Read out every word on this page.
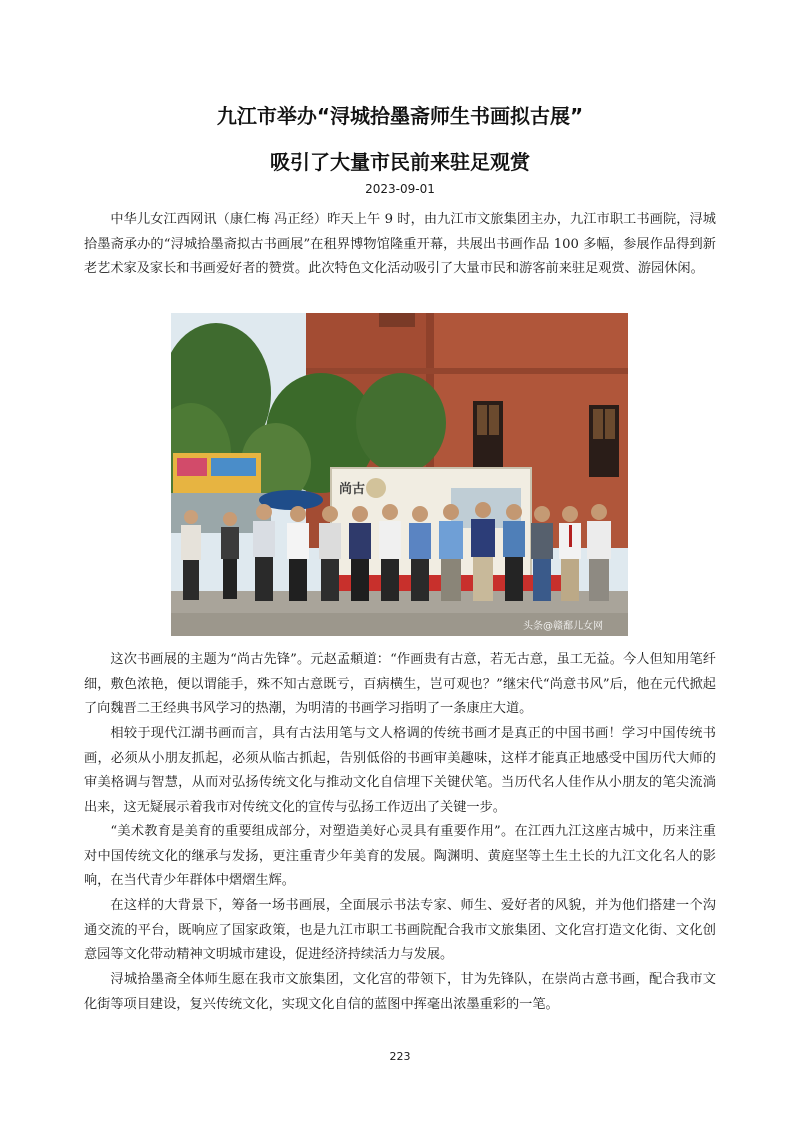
九江市举办“浔城拾墨斋师生书画拟古展”
吸引了大量市民前来驻足观赏
2023-09-01

中华儿女江西网讯（康仁梅 冯正经）昨天上午 9 时，由九江市文旅集团主办，九江市职工书画院，浔城拾墨斋承办的“浔城拾墨斋拟古书画展”在租界博物馆隆重开幕，共展出书画作品 100 多幅，参展作品得到新老艺术家及家长和书画爱好者的赞赏。此次特色文化活动吸引了大量市民和游客前来驻足观赏、游园休闲。

尚古
头条@赣鄱儿女网

这次书画展的主题为“尚古先锋”。元赵孟頫道：“作画贵有古意，若无古意，虽工无益。今人但知用笔纤细，敷色浓艳，便以谓能手，殊不知古意既亏，百病横生，岂可观也？”继宋代“尚意书风”后，他在元代掀起了向魏晋二王经典书风学习的热潮，为明清的书画学习指明了一条康庄大道。

相较于现代江湖书画而言，具有古法用笔与文人格调的传统书画才是真正的中国书画！学习中国传统书画，必须从小朋友抓起，必须从临古抓起，告别低俗的书画审美趣味，这样才能真正地感受中国历代大师的审美格调与智慧，从而对弘扬传统文化与推动文化自信埋下关键伏笔。当历代名人佳作从小朋友的笔尖流淌出来，这无疑展示着我市对传统文化的宣传与弘扬工作迈出了关键一步。

“美术教育是美育的重要组成部分，对塑造美好心灵具有重要作用”。在江西九江这座古城中，历来注重对中国传统文化的继承与发扬，更注重青少年美育的发展。陶渊明、黄庭坚等土生土长的九江文化名人的影响，在当代青少年群体中熠熠生辉。

在这样的大背景下，筹备一场书画展，全面展示书法专家、师生、爱好者的风貌，并为他们搭建一个沟通交流的平台，既响应了国家政策，也是九江市职工书画院配合我市文旅集团、文化宫打造文化街、文化创意园等文化带动精神文明城市建设，促进经济持续活力与发展。

浔城拾墨斋全体师生愿在我市文旅集团，文化宫的带领下，甘为先锋队，在崇尚古意书画，配合我市文化街等项目建设，复兴传统文化，实现文化自信的蓝图中挥毫出浓墨重彩的一笔。

223
